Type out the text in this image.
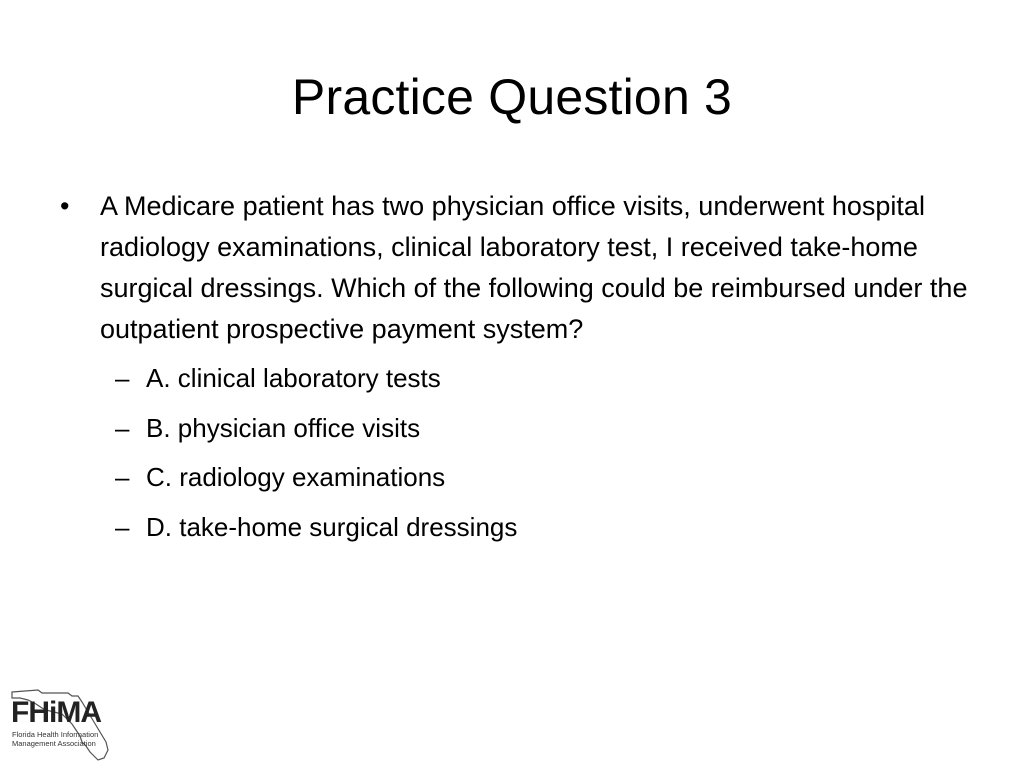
Practice Question 3
•	A Medicare patient has two physician office visits, underwent hospital radiology examinations, clinical laboratory test, I received take-home surgical dressings. Which of the following could be reimbursed under the outpatient prospective payment system?
– A. clinical laboratory tests
– B. physician office visits
– C. radiology examinations
– D. take-home surgical dressings
FHiMA
Florida Health Information
Management Association
